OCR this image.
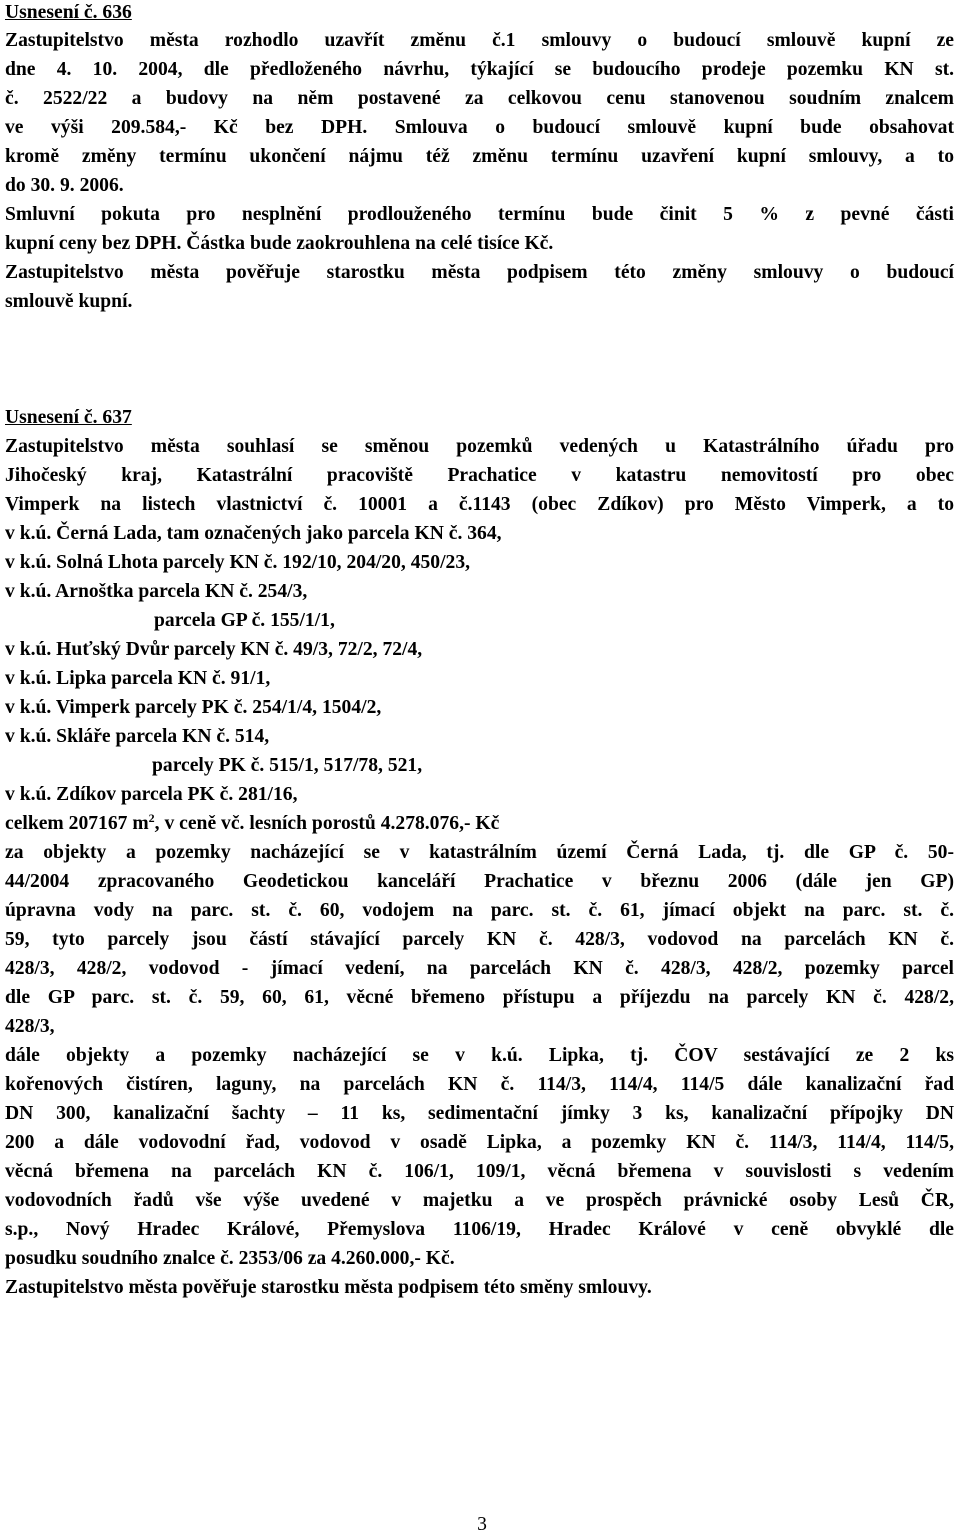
Usnesení č. 636
Zastupitelstvo města rozhodlo uzavřít změnu č.1 smlouvy o budoucí smlouvě kupní ze
dne 4. 10. 2004, dle předloženého návrhu, týkající se budoucího prodeje pozemku KN st.
č. 2522/22 a budovy na něm postavené za celkovou cenu stanovenou soudním znalcem
ve výši 209.584,- Kč bez DPH. Smlouva o budoucí smlouvě kupní bude obsahovat
kromě změny termínu ukončení nájmu též změnu termínu uzavření kupní smlouvy, a to
do 30. 9. 2006.
Smluvní pokuta pro nesplnění prodlouženého termínu bude činit 5 % z pevné části
kupní ceny bez DPH. Částka bude zaokrouhlena na celé tisíce Kč.
Zastupitelstvo města pověřuje starostku města podpisem této změny smlouvy o budoucí
smlouvě kupní.
Usnesení č. 637
Zastupitelstvo města souhlasí se směnou pozemků vedených u Katastrálního úřadu pro
Jihočeský kraj, Katastrální pracoviště Prachatice v katastru nemovitostí pro obec
Vimperk na listech vlastnictví č. 10001 a č.1143 (obec Zdíkov) pro Město Vimperk, a to
v k.ú. Černá Lada, tam označených jako parcela KN č. 364,
v k.ú. Solná Lhota parcely KN č. 192/10, 204/20, 450/23,
v k.ú. Arnoštka parcela KN č. 254/3,
parcela GP č. 155/1/1,
v k.ú. Huťský Dvůr parcely KN č. 49/3, 72/2, 72/4,
v k.ú. Lipka parcela KN č. 91/1,
v k.ú. Vimperk parcely PK č. 254/1/4, 1504/2,
v k.ú. Skláře parcela KN č. 514,
parcely PK č. 515/1, 517/78, 521,
v k.ú. Zdíkov parcela PK č. 281/16,
celkem 207167 $m^2$, v ceně vč. lesních porostů 4.278.076,- Kč
za objekty a pozemky nacházející se v katastrálním území Černá Lada, tj. dle GP č. 50-
44/2004 zpracovaného Geodetickou kanceláří Prachatice v březnu 2006 (dále jen GP)
úpravna vody na parc. st. č. 60, vodojem na parc. st. č. 61, jímací objekt na parc. st. č.
59, tyto parcely jsou částí stávající parcely KN č. 428/3, vodovod na parcelách KN č.
428/3, 428/2, vodovod - jímací vedení, na parcelách KN č. 428/3, 428/2, pozemky parcel
dle GP parc. st. č. 59, 60, 61, věcné břemeno přístupu a příjezdu na parcely KN č. 428/2,
428/3,
dále objekty a pozemky nacházející se v k.ú. Lipka, tj. ČOV sestávající ze 2 ks
kořenových čistíren, laguny, na parcelách KN č. 114/3, 114/4, 114/5 dále kanalizační řad
DN 300, kanalizační šachty – 11 ks, sedimentační jímky 3 ks, kanalizační přípojky DN
200 a dále vodovodní řad, vodovod v osadě Lipka, a pozemky KN č. 114/3, 114/4, 114/5,
věcná břemena na parcelách KN č. 106/1, 109/1, věcná břemena v souvislosti s vedením
vodovodních řadů vše výše uvedené v majetku a ve prospěch právnické osoby Lesů ČR,
s.p., Nový Hradec Králové, Přemyslova 1106/19, Hradec Králové v ceně obvyklé dle
posudku soudního znalce č. 2353/06 za 4.260.000,- Kč.
Zastupitelstvo města pověřuje starostku města podpisem této směny smlouvy.
3
